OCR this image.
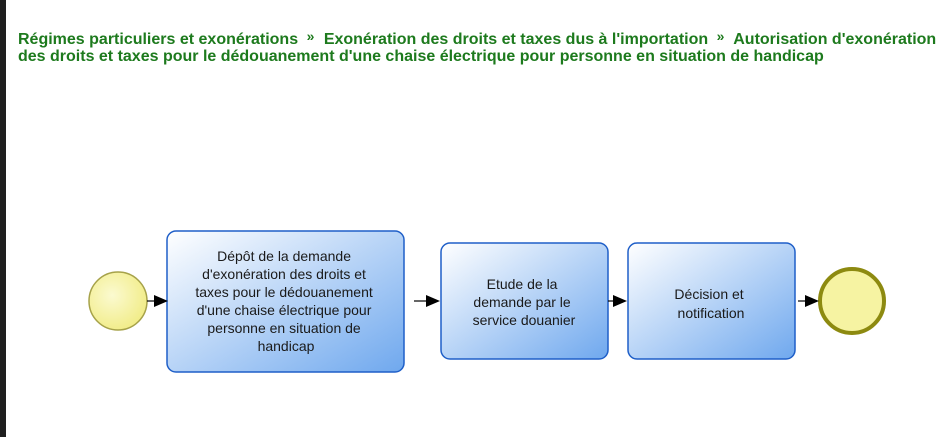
Régimes particuliers et exonérations » Exonération des droits et taxes dus à l'importation » Autorisation d'exonération des droits et taxes pour le dédouanement d'une chaise électrique pour personne en situation de handicap
Dépôt de la demande d'exonération des droits et taxes pour le dédouanement d'une chaise électrique pour personne en situation de handicap
Etude de la demande par le service douanier
Décision et notification
